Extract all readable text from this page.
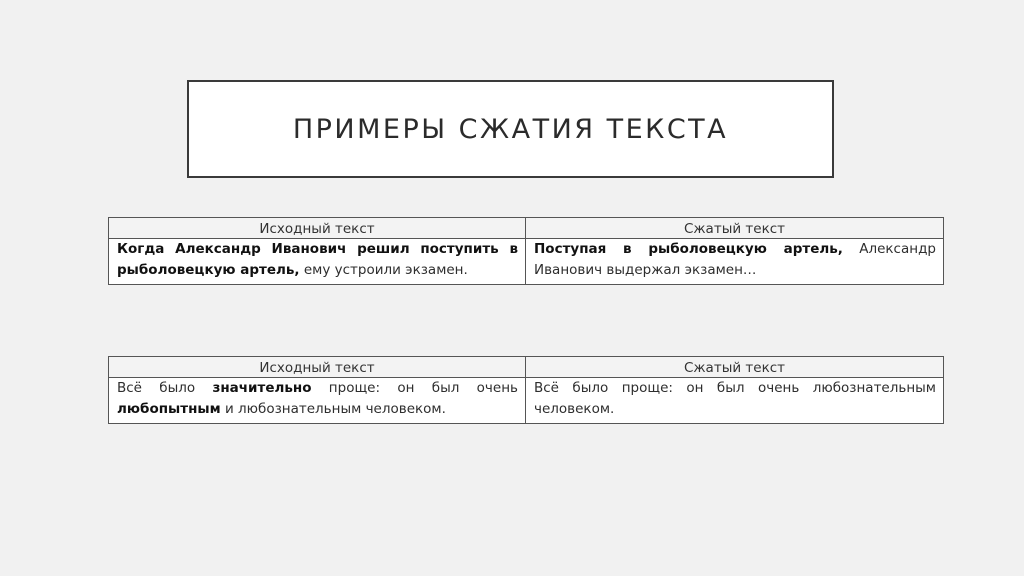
ПРИМЕРЫ СЖАТИЯ ТЕКСТА
Исходный текст	Сжатый текст
Когда Александр Иванович решил поступить в рыболовецкую артель, ему устроили экзамен.	Поступая в рыболовецкую артель, Александр Иванович выдержал экзамен…
Исходный текст	Сжатый текст
Всё было значительно проще: он был очень любопытным и любознательным человеком.	Всё было проще: он был очень любознательным человеком.
